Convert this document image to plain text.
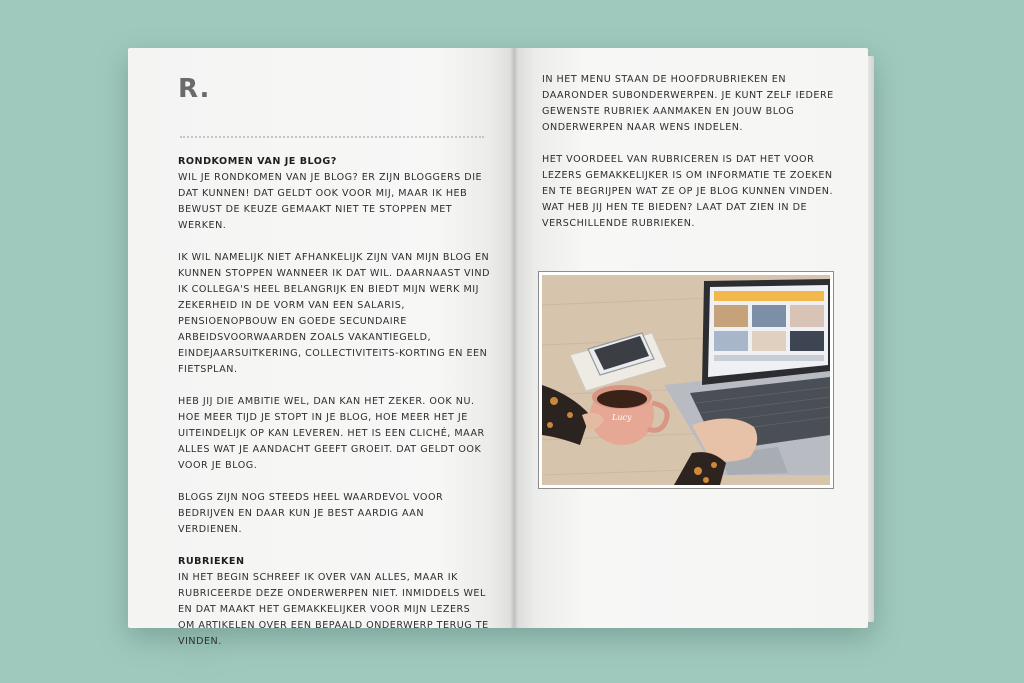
R.
RONDKOMEN VAN JE BLOG?

WIL JE RONDKOMEN VAN JE BLOG? ER ZIJN BLOGGERS DIE DAT KUNNEN! DAT GELDT OOK VOOR MIJ, MAAR IK HEB BEWUST DE KEUZE GEMAAKT NIET TE STOPPEN MET WERKEN.

IK WIL NAMELIJK NIET AFHANKELIJK ZIJN VAN MIJN BLOG EN KUNNEN STOPPEN WANNEER IK DAT WIL. DAARNAAST VIND IK COLLEGA'S HEEL BELANGRIJK EN BIEDT MIJN WERK MIJ ZEKERHEID IN DE VORM VAN EEN SALARIS, PENSIOENOPBOUW EN GOEDE SECUNDAIRE ARBEIDSVOORWAARDEN ZOALS VAKANTIEGELD, EINDEJAARSUITKERING, COLLECTIVITEITS-KORTING EN EEN FIETSPLAN.

HEB JIJ DIE AMBITIE WEL, DAN KAN HET ZEKER. OOK NU. HOE MEER TIJD JE STOPT IN JE BLOG, HOE MEER HET JE UITEINDELIJK OP KAN LEVEREN. HET IS EEN CLICHÉ, MAAR ALLES WAT JE AANDACHT GEEFT GROEIT. DAT GELDT OOK VOOR JE BLOG.

BLOGS ZIJN NOG STEEDS HEEL WAARDEVOL VOOR BEDRIJVEN EN DAAR KUN JE BEST AARDIG AAN VERDIENEN.

RUBRIEKEN

IN HET BEGIN SCHREEF IK OVER VAN ALLES, MAAR IK RUBRICEERDE DEZE ONDERWERPEN NIET. INMIDDELS WEL EN DAT MAAKT HET GEMAKKELIJKER VOOR MIJN LEZERS OM ARTIKELEN OVER EEN BEPAALD ONDERWERP TERUG TE VINDEN.

IN HET MENU STAAN DE HOOFDRUBRIEKEN EN DAARONDER SUBONDERWERPEN. JE KUNT ZELF IEDERE GEWENSTE RUBRIEK AANMAKEN EN JOUW BLOG ONDERWERPEN NAAR WENS INDELEN.

HET VOORDEEL VAN RUBRICEREN IS DAT HET VOOR LEZERS GEMAKKELIJKER IS OM INFORMATIE TE ZOEKEN EN TE BEGRIJPEN WAT ZE OP JE BLOG KUNNEN VINDEN. WAT HEB JIJ HEN TE BIEDEN? LAAT DAT ZIEN IN DE VERSCHILLENDE RUBRIEKEN.

Lucy
